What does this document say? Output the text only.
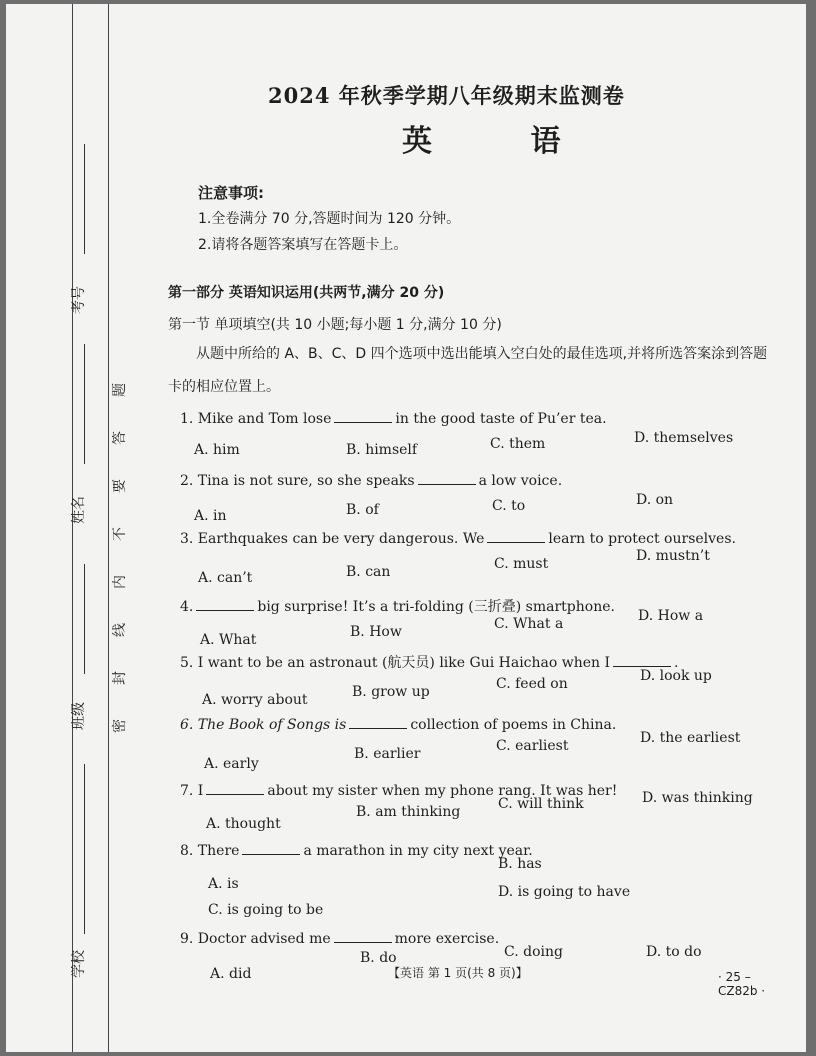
考号
姓名
班级
学校
题
答
要
不
内
线
封
密
2024 年秋季学期八年级期末监测卷
英 语
注意事项:
1.全卷满分 70 分,答题时间为 120 分钟。
2.请将各题答案填写在答题卡上。
第一部分 英语知识运用(共两节,满分 20 分)
第一节 单项填空(共 10 小题;每小题 1 分,满分 10 分)
从题中所给的 A、B、C、D 四个选项中选出能填入空白处的最佳选项,并将所选答案涂到答题卡的相应位置上。
1. Mike and Tom lose	in the good taste of Pu’er tea.
A. him	B. himself	C. them	D. themselves
2. Tina is not sure, so she speaks	a low voice.
A. in	B. of	C. to	D. on
3. Earthquakes can be very dangerous. We	learn to protect ourselves.
A. can’t	B. can	C. must	D. mustn’t
4.	big surprise! It’s a tri-folding (三折叠) smartphone.
A. What	B. How	C. What a	D. How a
5. I want to be an astronaut (航天员) like Gui Haichao when I	.
A. worry about	B. grow up	C. feed on	D. look up
6. The Book of Songs is	collection of poems in China.
A. early
B. earlier	C. earliest	D. the earliest
7. I	about my sister when my phone rang. It was her!
A. thought
B. am thinking	C. will think	D. was thinking
8. There	a marathon in my city next year.
A. is
B. has
C. is going to be
D. is going to have
9. Doctor advised me	more exercise.
A. did
B. do	C. doing	D. to do
【英语 第 1 页(共 8 页)】	· 25 – CZ82b ·
